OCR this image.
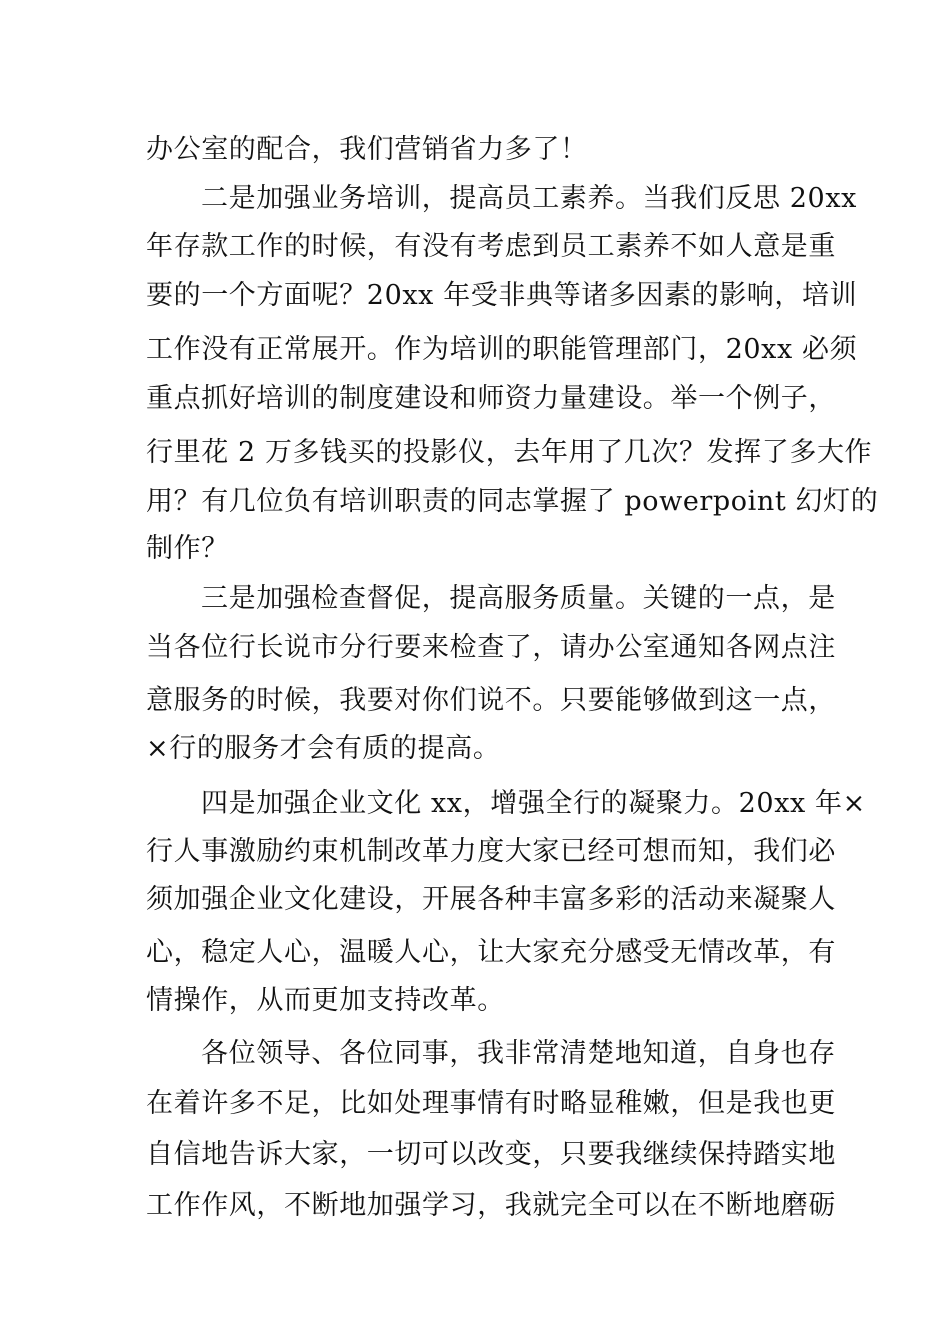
办公室的配合，我们营销省力多了！
二是加强业务培训，提高员工素养。当我们反思 20xx
年存款工作的时候，有没有考虑到员工素养不如人意是重
要的一个方面呢？20xx 年受非典等诸多因素的影响，培训
工作没有正常展开。作为培训的职能管理部门，20xx 必须
重点抓好培训的制度建设和师资力量建设。举一个例子，
行里花 2 万多钱买的投影仪，去年用了几次？发挥了多大作
用？有几位负有培训职责的同志掌握了 powerpoint 幻灯的
制作？
三是加强检查督促，提高服务质量。关键的一点，是
当各位行长说市分行要来检查了，请办公室通知各网点注
意服务的时候，我要对你们说不。只要能够做到这一点，
×行的服务才会有质的提高。
四是加强企业文化 xx，增强全行的凝聚力。20xx 年×
行人事激励约束机制改革力度大家已经可想而知，我们必
须加强企业文化建设，开展各种丰富多彩的活动来凝聚人
心，稳定人心，温暖人心，让大家充分感受无情改革，有
情操作，从而更加支持改革。
各位领导、各位同事，我非常清楚地知道，自身也存
在着许多不足，比如处理事情有时略显稚嫩，但是我也更
自信地告诉大家，一切可以改变，只要我继续保持踏实地
工作作风，不断地加强学习，我就完全可以在不断地磨砺
